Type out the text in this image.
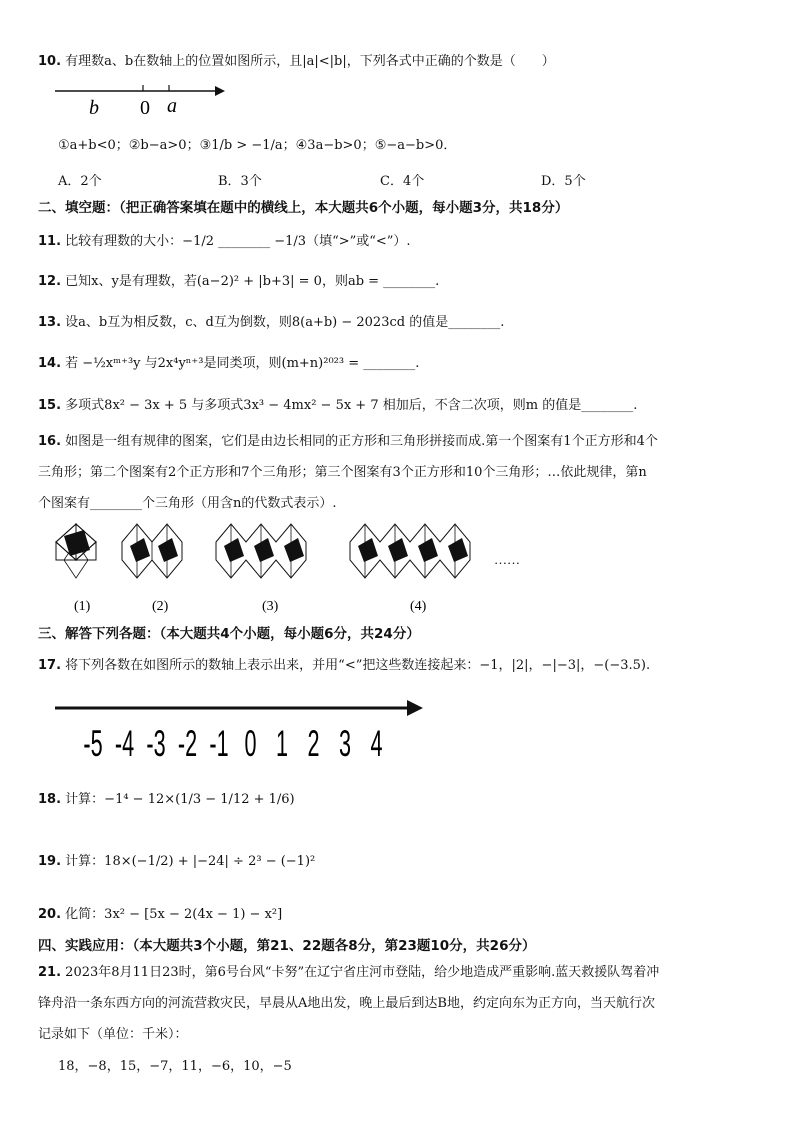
10. 有理数a、b在数轴上的位置如图所示，且|a|<|b|，下列各式中正确的个数是（　　）
b 0 a
①a+b<0；②b−a>0；③1/b > −1/a；④3a−b>0；⑤−a−b>0．
A．2个	B．3个	C．4个	D．5个
二、填空题：（把正确答案填在题中的横线上，本大题共6个小题，每小题3分，共18分）
11. 比较有理数的大小：−1/2 ________ −1/3（填“>”或“<”）.
12. 已知x、y是有理数，若(a−2)² + |b+3| = 0，则ab = ________.
13. 设a、b互为相反数，c、d互为倒数，则8(a+b) − 2023cd 的值是________.
14. 若 −½xᵐ⁺³y 与2x⁴yⁿ⁺³是同类项，则(m+n)²⁰²³ = ________.
15. 多项式8x² − 3x + 5 与多项式3x³ − 4mx² − 5x + 7 相加后，不含二次项，则m 的值是________.
16. 如图是一组有规律的图案，它们是由边长相同的正方形和三角形拼接而成.第一个图案有1个正方形和4个
三角形；第二个图案有2个正方形和7个三角形；第三个图案有3个正方形和10个三角形；…依此规律，第n
个图案有________个三角形（用含n的代数式表示）.
……
(1)	(2)	(3)	(4)
三、解答下列各题：（本大题共4个小题，每小题6分，共24分）
17. 将下列各数在如图所示的数轴上表示出来，并用“<”把这些数连接起来：−1，|2|，−|−3|，−(−3.5).
-5 -4 -3 -2 -1 0 1 2 3 4
18. 计算：−1⁴ − 12×(1/3 − 1/12 + 1/6)
19. 计算：18×(−1/2) + |−24| ÷ 2³ − (−1)²
20. 化简：3x² − [5x − 2(4x − 1) − x²]
四、实践应用：（本大题共3个小题，第21、22题各8分，第23题10分，共26分）
21. 2023年8月11日23时，第6号台风“卡努”在辽宁省庄河市登陆，给少地造成严重影响.蓝天救援队驾着冲
锋舟沿一条东西方向的河流营救灾民，早晨从A地出发，晚上最后到达B地，约定向东为正方向，当天航行次
记录如下（单位：千米）：
18，−8，15，−7，11，−6，10，−5
